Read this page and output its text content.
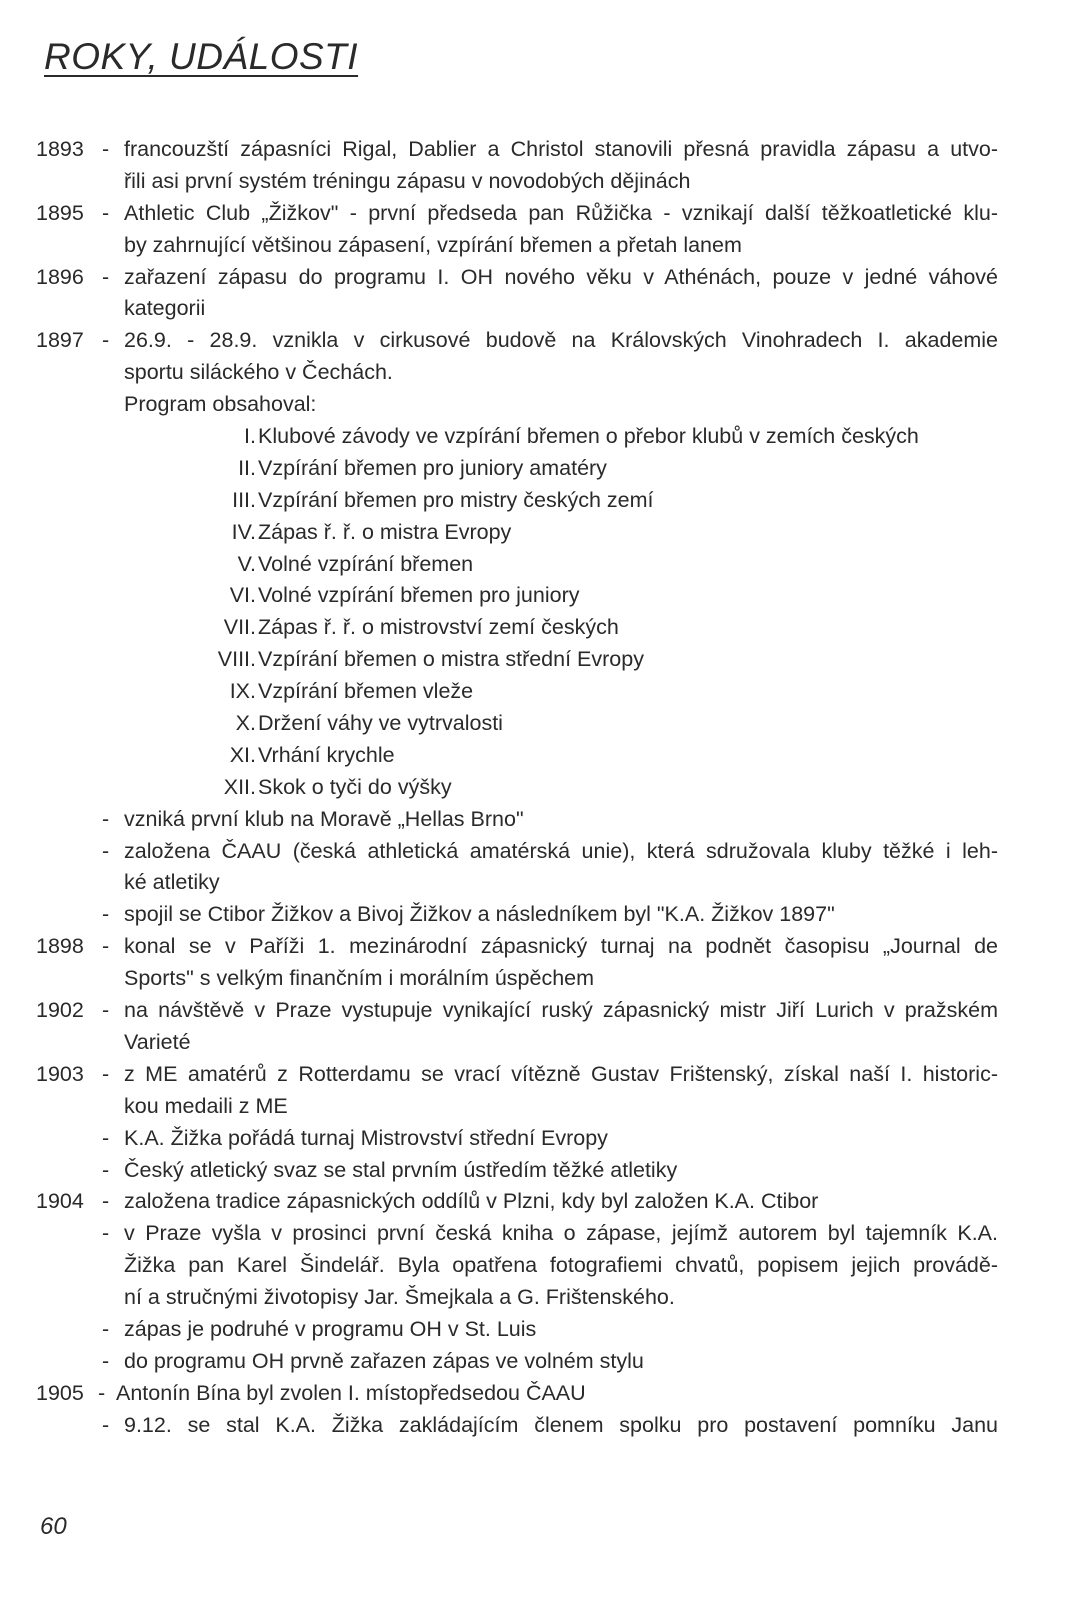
ROKY, UDÁLOSTI
1893 - francouzští zápasníci Rigal, Dablier a Christol stanovili přesná pravidla zápasu a utvo-
řili asi první systém tréningu zápasu v novodobých dějinách
1895 - Athletic Club „Žižkov" - první předseda pan Růžička - vznikají další těžkoatletické klu-
by zahrnující většinou zápasení, vzpírání břemen a přetah lanem
1896 - zařazení zápasu do programu I. OH nového věku v Athénách, pouze v jedné váhové
kategorii
1897 - 26.9. - 28.9. vznikla v cirkusové budově na Královských Vinohradech I. akademie
sportu siláckého v Čechách.
Program obsahoval:
I. Klubové závody ve vzpírání břemen o přebor klubů v zemích českých
II. Vzpírání břemen pro juniory amatéry
III. Vzpírání břemen pro mistry českých zemí
IV. Zápas ř. ř. o mistra Evropy
V. Volné vzpírání břemen
VI. Volné vzpírání břemen pro juniory
VII. Zápas ř. ř. o mistrovství zemí českých
VIII. Vzpírání břemen o mistra střední Evropy
IX. Vzpírání břemen vleže
X. Držení váhy ve vytrvalosti
XI. Vrhání krychle
XII. Skok o tyči do výšky
- vzniká první klub na Moravě „Hellas Brno"
- založena ČAAU (česká athletická amatérská unie), která sdružovala kluby těžké i leh-
ké atletiky
- spojil se Ctibor Žižkov a Bivoj Žižkov a následníkem byl "K.A. Žižkov 1897"
1898 - konal se v Paříži 1. mezinárodní zápasnický turnaj na podnět časopisu „Journal de
Sports" s velkým finančním i morálním úspěchem
1902 - na návštěvě v Praze vystupuje vynikající ruský zápasnický mistr Jiří Lurich v pražském
Varieté
1903 - z ME amatérů z Rotterdamu se vrací vítězně Gustav Frištenský, získal naší I. historic-
kou medaili z ME
- K.A. Žižka pořádá turnaj Mistrovství střední Evropy
- Český atletický svaz se stal prvním ústředím těžké atletiky
1904 - založena tradice zápasnických oddílů v Plzni, kdy byl založen K.A. Ctibor
- v Praze vyšla v prosinci první česká kniha o zápase, jejímž autorem byl tajemník K.A.
Žižka pan Karel Šindelář. Byla opatřena fotografiemi chvatů, popisem jejich provádě-
ní a stručnými životopisy Jar. Šmejkala a G. Frištenského.
- zápas je podruhé v programu OH v St. Luis
- do programu OH prvně zařazen zápas ve volném stylu
1905 - Antonín Bína byl zvolen I. místopředsedou ČAAU
- 9.12. se stal K.A. Žižka zakládajícím členem spolku pro postavení pomníku Janu
60
